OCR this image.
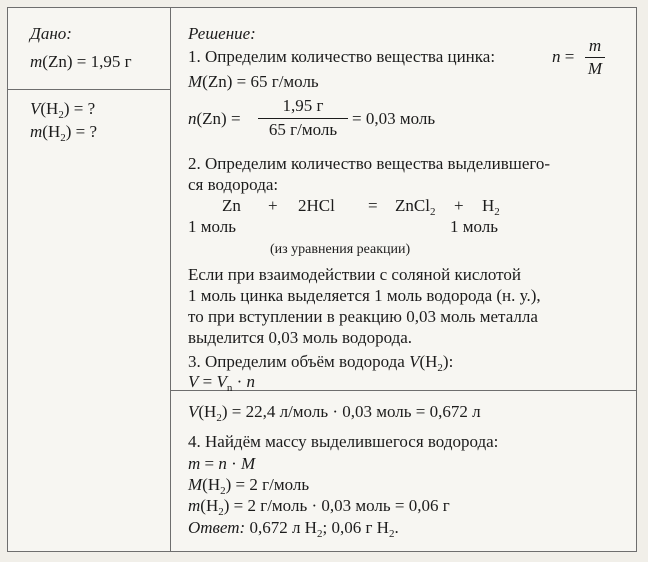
Дано:
m(Zn) = 1,95 г
$V(H_2)$ = ?
$m(H_2)$ = ?
Решение:
1. Определим количество вещества цинка:	n =
m
M
M(Zn) = 65 г/моль
n(Zn) =
1,95 г
65 г/моль
= 0,03 моль
2. Определим количество вещества выделившего-
ся водорода:
Zn + 2HCl = ZnCl$_2$ + $H_2$
1 моль	1 моль
(из уравнения реакции)
Если при взаимодействии с соляной кислотой
1 моль цинка выделяется 1 моль водорода (н. у.),
то при вступлении в реакцию 0,03 моль металла
выделится 0,03 моль водорода.
3. Определим объём водорода $V(H_2)$:
$V = V_n \cdot n$
$V(H_2) = 22,4$ л/моль · 0,03 моль = 0,672 л
4. Найдём массу выделившегося водорода:
m = n · M
$M(H_2) = 2$ г/моль
$m(H_2) = 2$ г/моль · 0,03 моль = 0,06 г
Ответ: 0,672 л $H_2$; 0,06 г $H_2$.
